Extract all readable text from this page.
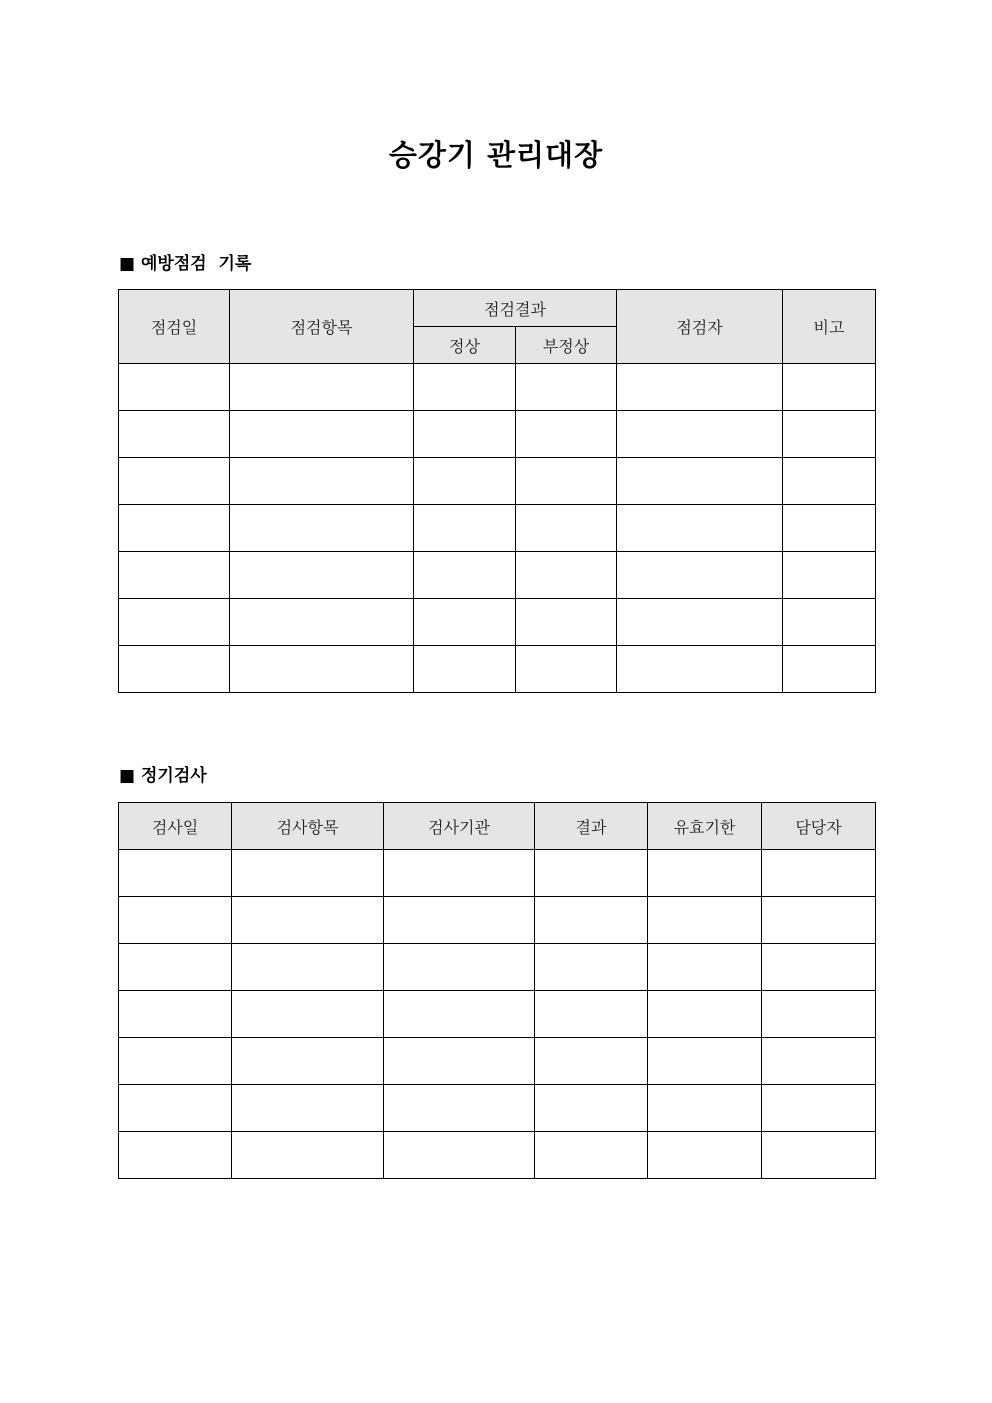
승강기 관리대장
■ 예방점검  기록
점검일	점검항목	점검결과		점검자	비고
		정상	부정상		

■ 정기검사
검사일	검사항목	검사기관	결과	유효기한	담당자
